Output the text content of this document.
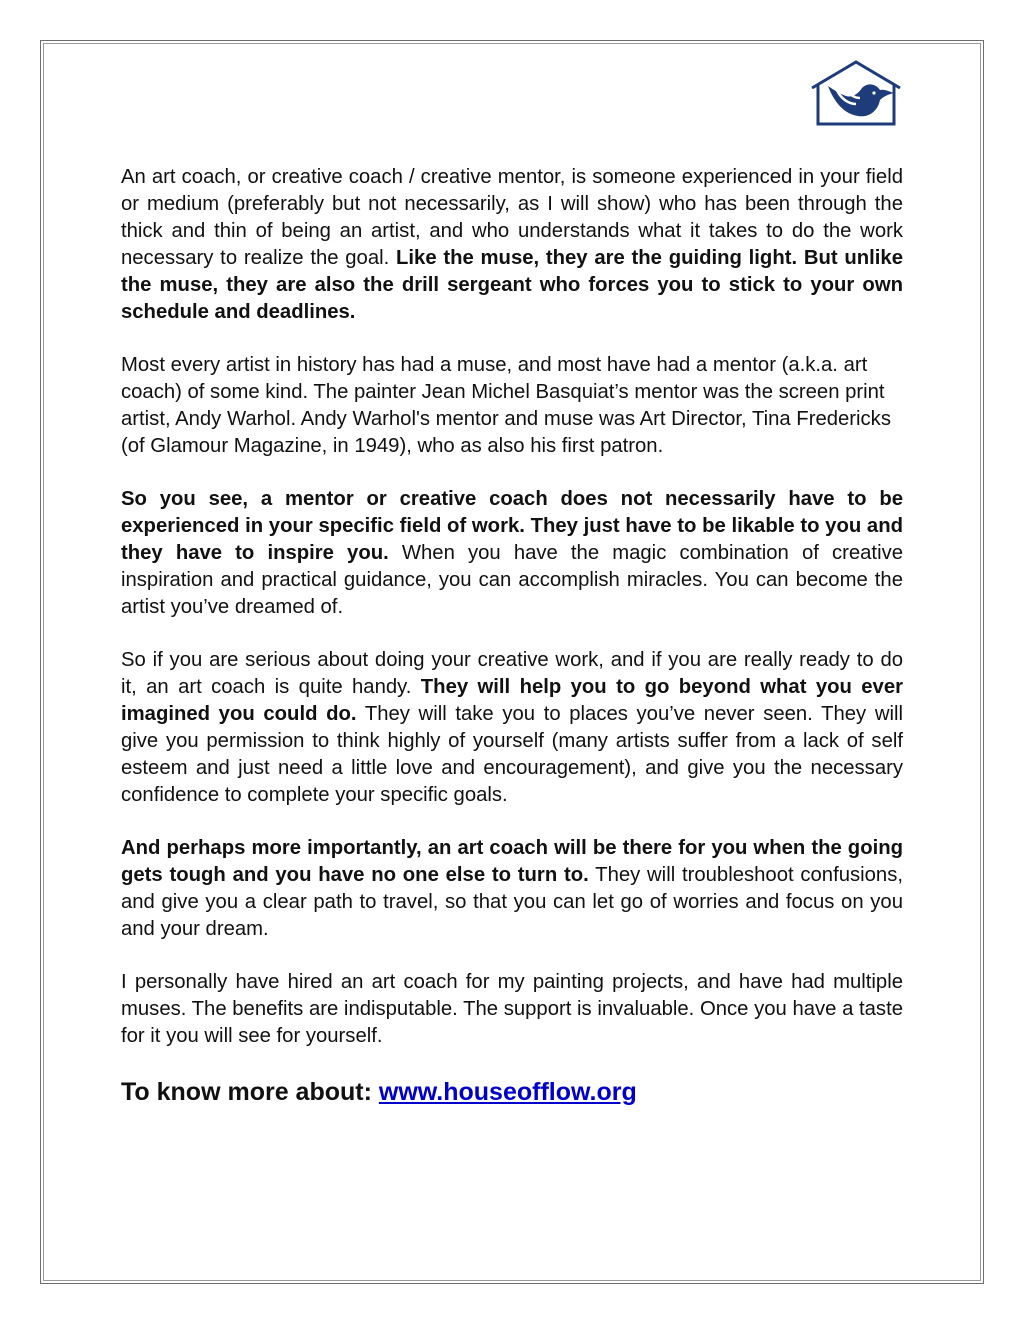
An art coach, or creative coach / creative mentor, is someone experienced in your field or medium (preferably but not necessarily, as I will show) who has been through the thick and thin of being an artist, and who understands what it takes to do the work necessary to realize the goal. Like the muse, they are the guiding light. But unlike the muse, they are also the drill sergeant who forces you to stick to your own schedule and deadlines.

Most every artist in history has had a muse, and most have had a mentor (a.k.a. art coach) of some kind. The painter Jean Michel Basquiat’s mentor was the screen print artist, Andy Warhol. Andy Warhol's mentor and muse was Art Director, Tina Fredericks (of Glamour Magazine, in 1949), who as also his first patron.

So you see, a mentor or creative coach does not necessarily have to be experienced in your specific field of work. They just have to be likable to you and they have to inspire you. When you have the magic combination of creative inspiration and practical guidance, you can accomplish miracles. You can become the artist you’ve dreamed of.

So if you are serious about doing your creative work, and if you are really ready to do it, an art coach is quite handy. They will help you to go beyond what you ever imagined you could do. They will take you to places you’ve never seen. They will give you permission to think highly of yourself (many artists suffer from a lack of self esteem and just need a little love and encouragement), and give you the necessary confidence to complete your specific goals.

And perhaps more importantly, an art coach will be there for you when the going gets tough and you have no one else to turn to. They will troubleshoot confusions, and give you a clear path to travel, so that you can let go of worries and focus on you and your dream.

I personally have hired an art coach for my painting projects, and have had multiple muses. The benefits are indisputable. The support is invaluable. Once you have a taste for it you will see for yourself.

To know more about: www.houseofflow.org
